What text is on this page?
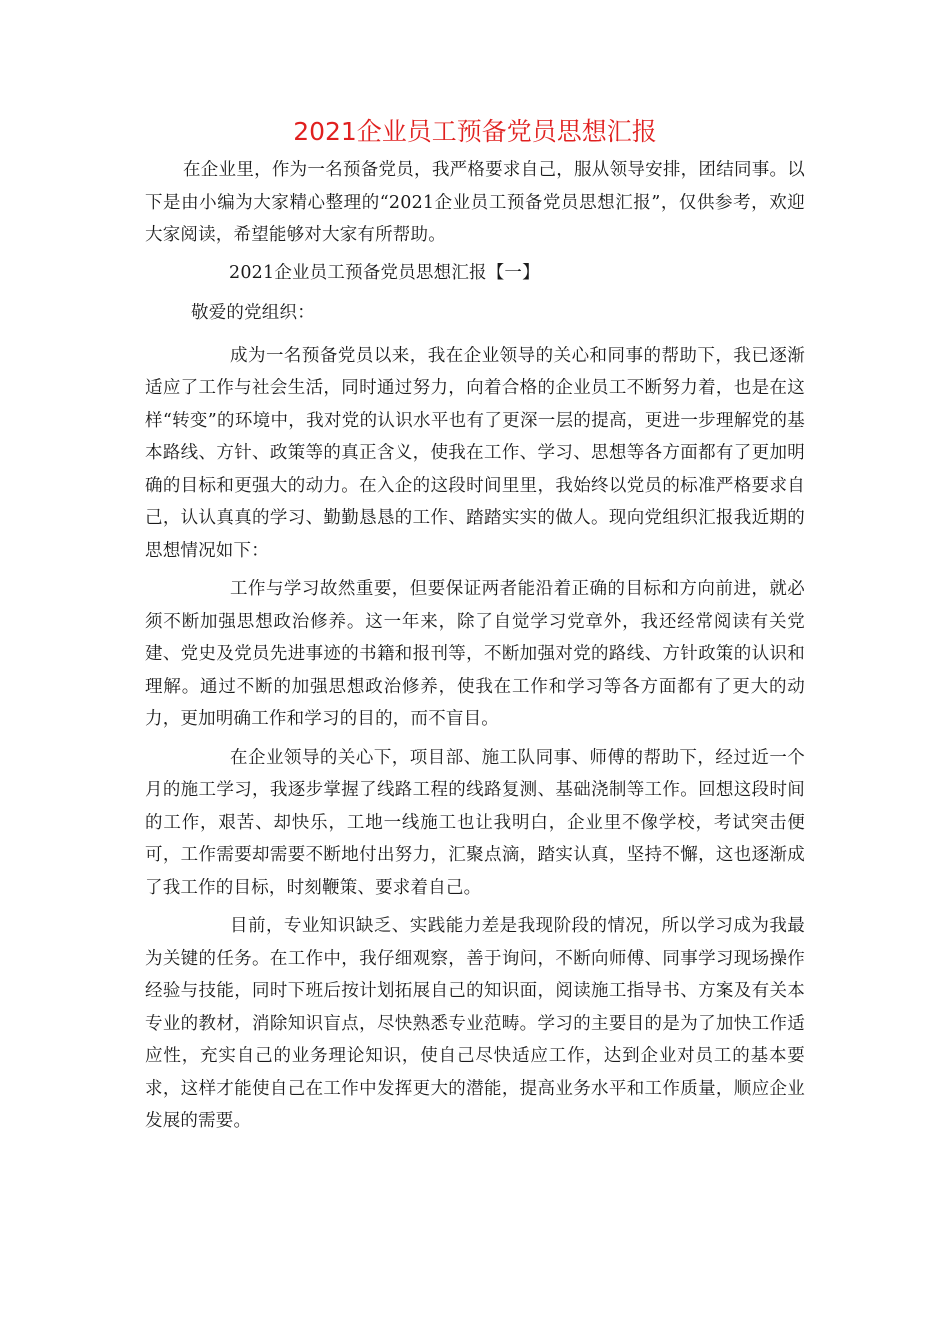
2021企业员工预备党员思想汇报

在企业里，作为一名预备党员，我严格要求自己，服从领导安排，团结同事。以下是由小编为大家精心整理的“2021企业员工预备党员思想汇报”，仅供参考，欢迎大家阅读，希望能够对大家有所帮助。

2021企业员工预备党员思想汇报【一】

敬爱的党组织：

成为一名预备党员以来，我在企业领导的关心和同事的帮助下，我已逐渐适应了工作与社会生活，同时通过努力，向着合格的企业员工不断努力着，也是在这样“转变”的环境中，我对党的认识水平也有了更深一层的提高，更进一步理解党的基本路线、方针、政策等的真正含义，使我在工作、学习、思想等各方面都有了更加明确的目标和更强大的动力。在入企的这段时间里里，我始终以党员的标准严格要求自己，认认真真的学习、勤勤恳恳的工作、踏踏实实的做人。现向党组织汇报我近期的思想情况如下：

工作与学习故然重要，但要保证两者能沿着正确的目标和方向前进，就必须不断加强思想政治修养。这一年来，除了自觉学习党章外，我还经常阅读有关党建、党史及党员先进事迹的书籍和报刊等，不断加强对党的路线、方针政策的认识和理解。通过不断的加强思想政治修养，使我在工作和学习等各方面都有了更大的动力，更加明确工作和学习的目的，而不盲目。

在企业领导的关心下，项目部、施工队同事、师傅的帮助下，经过近一个月的施工学习，我逐步掌握了线路工程的线路复测、基础浇制等工作。回想这段时间的工作，艰苦、却快乐，工地一线施工也让我明白，企业里不像学校，考试突击便可，工作需要却需要不断地付出努力，汇聚点滴，踏实认真，坚持不懈，这也逐渐成了我工作的目标，时刻鞭策、要求着自己。

目前，专业知识缺乏、实践能力差是我现阶段的情况，所以学习成为我最为关键的任务。在工作中，我仔细观察，善于询问，不断向师傅、同事学习现场操作经验与技能，同时下班后按计划拓展自己的知识面，阅读施工指导书、方案及有关本专业的教材，消除知识盲点，尽快熟悉专业范畴。学习的主要目的是为了加快工作适应性，充实自己的业务理论知识，使自己尽快适应工作，达到企业对员工的基本要求，这样才能使自己在工作中发挥更大的潜能，提高业务水平和工作质量，顺应企业发展的需要。
